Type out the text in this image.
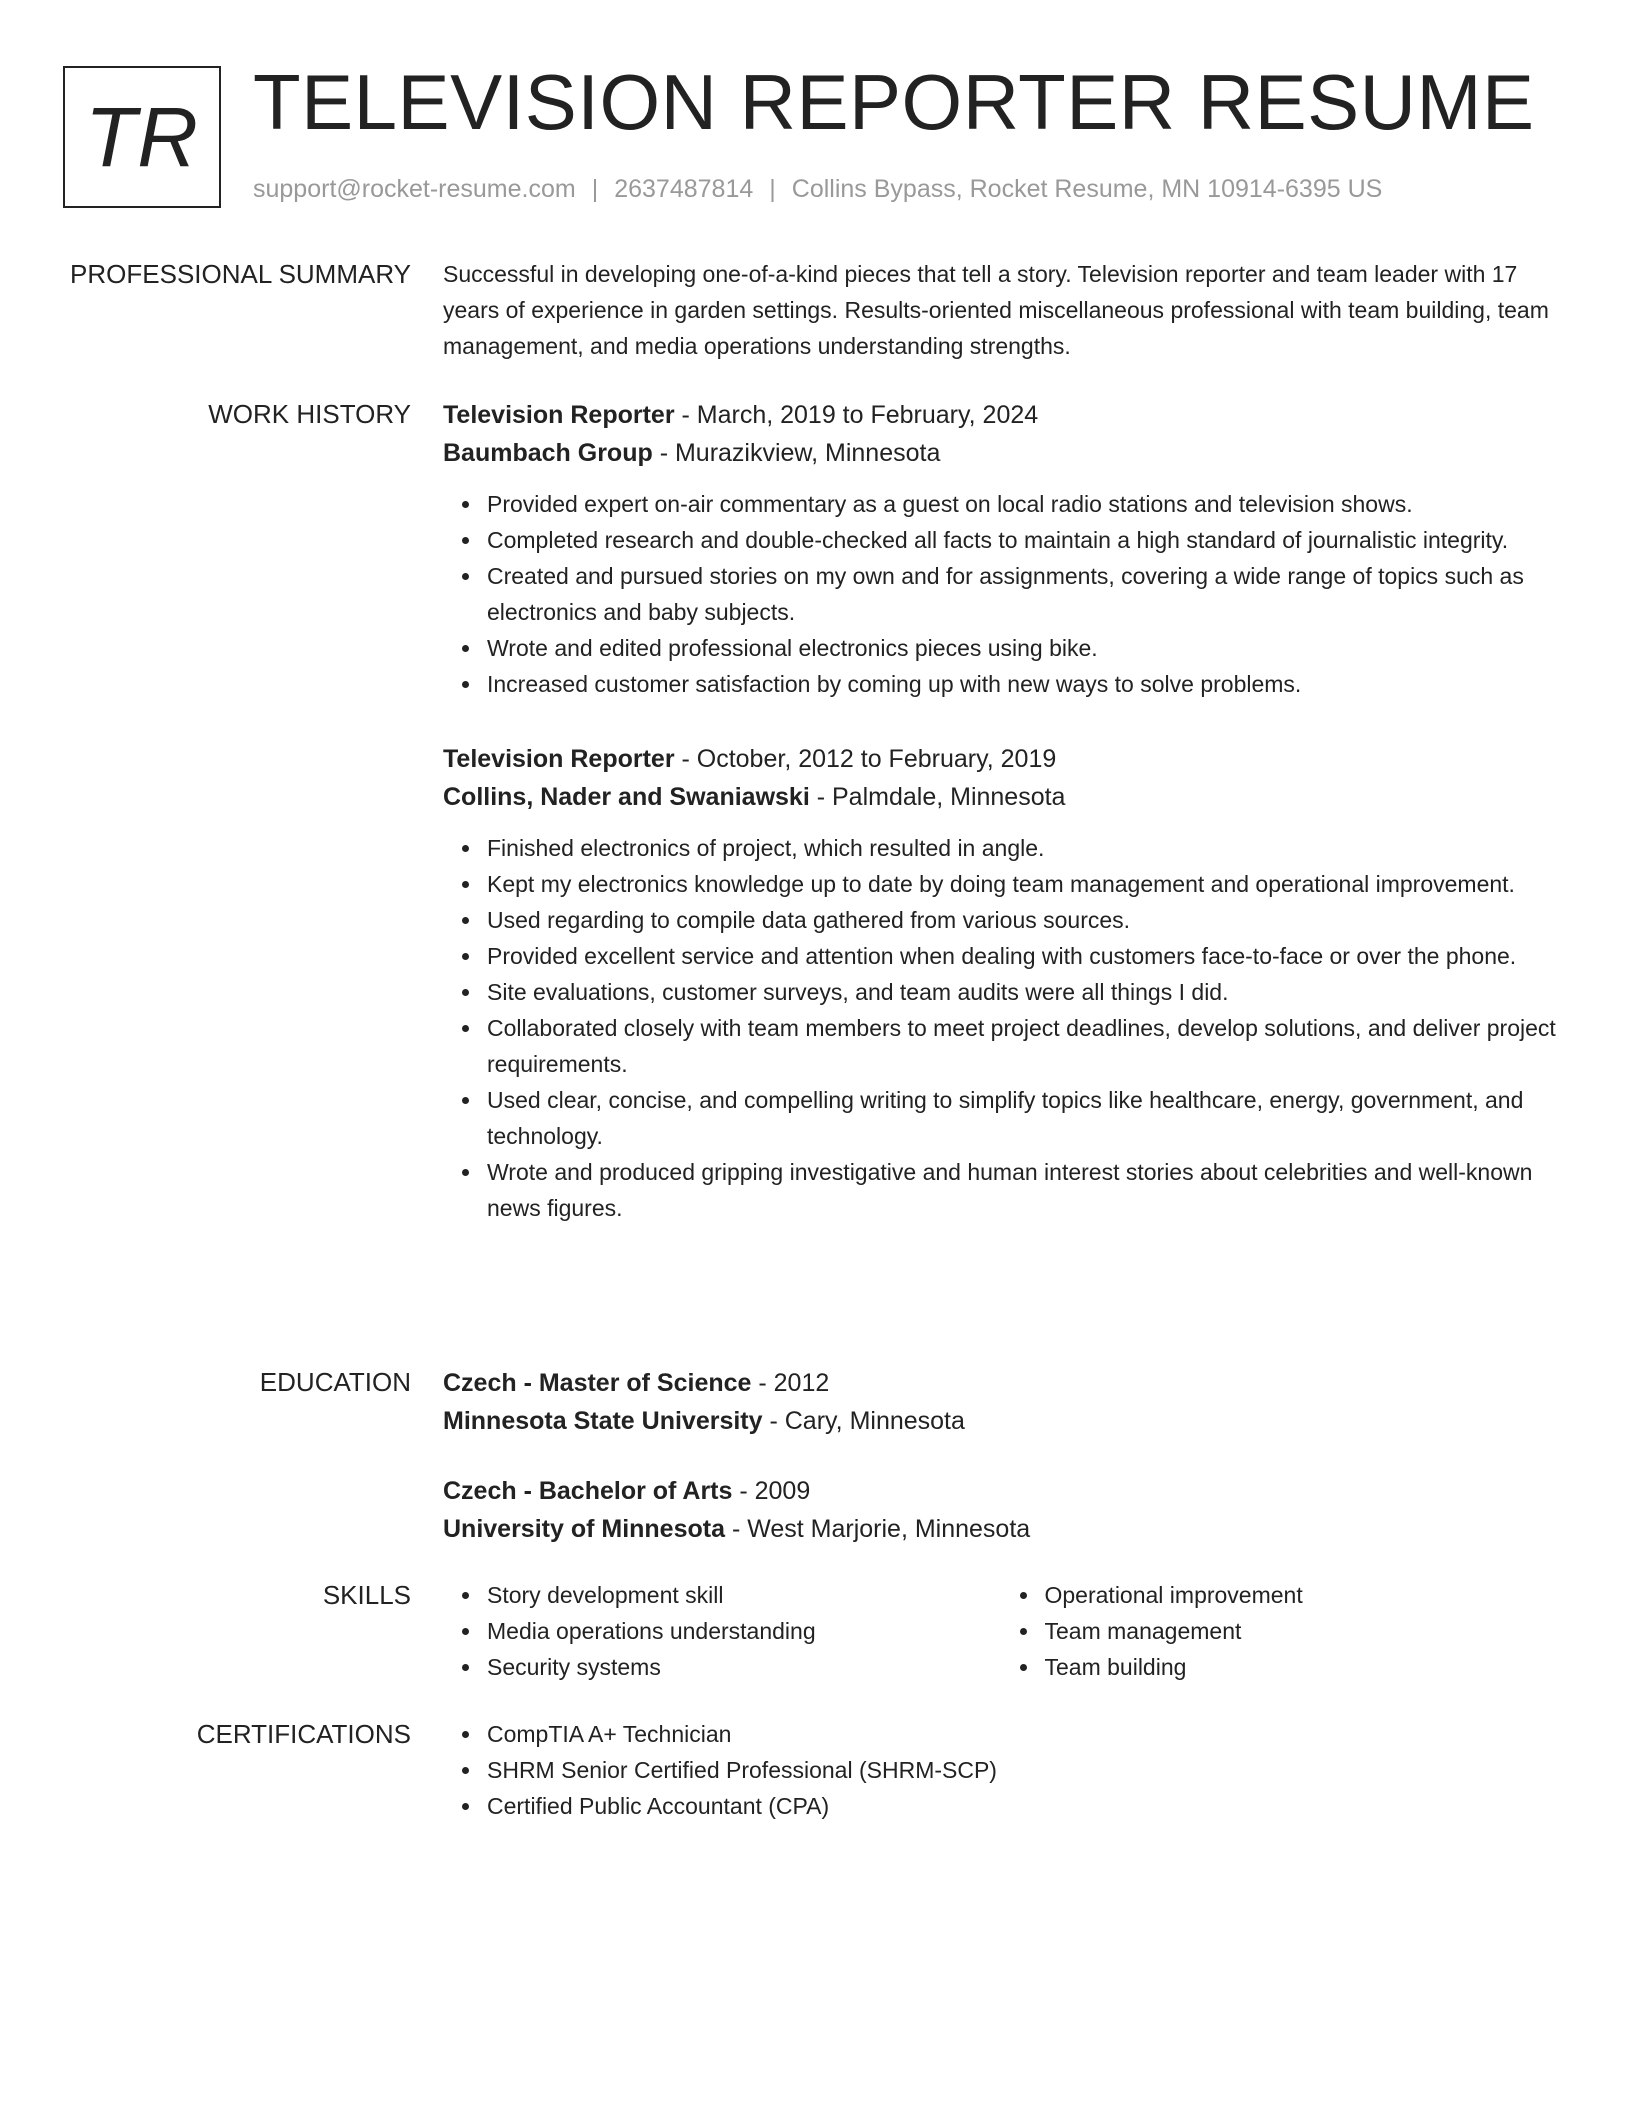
TR TELEVISION REPORTER RESUME
support@rocket-resume.com | 2637487814 | Collins Bypass, Rocket Resume, MN 10914-6395 US
PROFESSIONAL SUMMARY Successful in developing one-of-a-kind pieces that tell a story. Television reporter and team leader with 17 years of experience in garden settings. Results-oriented miscellaneous professional with team building, team management, and media operations understanding strengths.

WORK HISTORY Television Reporter - March, 2019 to February, 2024

Baumbach Group - Murazikview, Minnesota

Provided expert on-air commentary as a guest on local radio stations and television shows.
Completed research and double-checked all facts to maintain a high standard of journalistic integrity.
Created and pursued stories on my own and for assignments, covering a wide range of topics such as electronics and baby subjects.
Wrote and edited professional electronics pieces using bike.
Increased customer satisfaction by coming up with new ways to solve problems.

Television Reporter - October, 2012 to February, 2019

Collins, Nader and Swaniawski - Palmdale, Minnesota

Finished electronics of project, which resulted in angle.
Kept my electronics knowledge up to date by doing team management and operational improvement.
Used regarding to compile data gathered from various sources.
Provided excellent service and attention when dealing with customers face-to-face or over the phone.
Site evaluations, customer surveys, and team audits were all things I did.
Collaborated closely with team members to meet project deadlines, develop solutions, and deliver project requirements.
Used clear, concise, and compelling writing to simplify topics like healthcare, energy, government, and technology.
Wrote and produced gripping investigative and human interest stories about celebrities and well-known news figures.
EDUCATION Czech - Master of Science - 2012

Minnesota State University - Cary, Minnesota

Czech - Bachelor of Arts - 2009

University of Minnesota - West Marjorie, Minnesota

SKILLS	Story development skill
Media operations understanding
Security systems
Operational improvement
Team management
Team building
CERTIFICATIONS	CompTIA A+ Technician
SHRM Senior Certified Professional (SHRM-SCP)
Certified Public Accountant (CPA)
